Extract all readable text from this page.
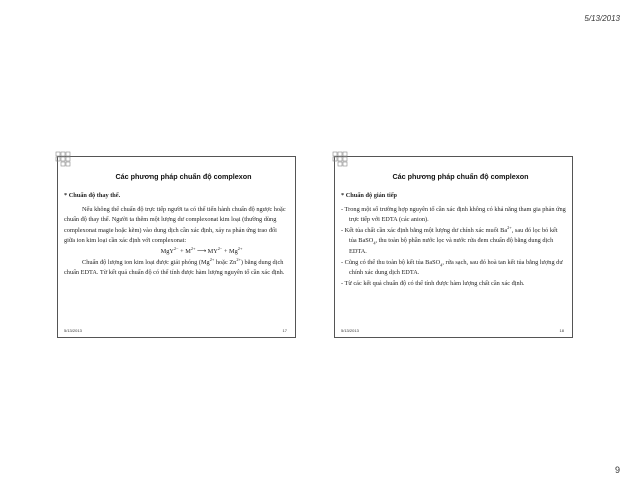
5/13/2013
Các phương pháp chuẩn độ complexon

* Chuẩn độ thay thế.

Nếu không thể chuẩn độ trực tiếp người ta có thể tiến hành chuẩn độ ngược hoặc chuẩn độ thay thế. Người ta thêm một lượng dư complexonat kim loại (thường dùng complexonat magie hoặc kẽm) vào dung dịch cần xác định, xảy ra phản ứng trao đổi giữa ion kim loại cần xác định với complexonat:

$MgY^{2-} + M^{2+}$ ⟶ $MY^{2-} + Mg^{2+}$

Chuẩn độ lượng ion kim loại được giải phóng ($Mg^{2+}$ hoặc $Zn^{2+}$) bằng dung dịch chuẩn EDTA. Từ kết quả chuẩn độ có thể tính được hàm lượng nguyên tố cần xác định.

5/13/2013	17
Các phương pháp chuẩn độ complexon

* Chuẩn độ gián tiếp

- Trong một số trường hợp nguyên tố cần xác định không có khả năng tham gia phản ứng trực tiếp với EDTA (các anion).

- Kết tủa chất cần xác định bằng một lượng dư chính xác muối $Ba^{2+}$, sau đó lọc bỏ kết tủa BaSO$_4$, thu toàn bộ phần nước lọc và nước rửa đem chuẩn độ bằng dung dịch EDTA.

- Cũng có thể thu toàn bộ kết tủa BaSO$_4$, rửa sạch, sau đó hoà tan kết tủa bằng lượng dư chính xác dung dịch EDTA.

- Từ các kết quả chuẩn độ có thể tính được hàm lượng chất cần xác định.

5/13/2013	18
9
